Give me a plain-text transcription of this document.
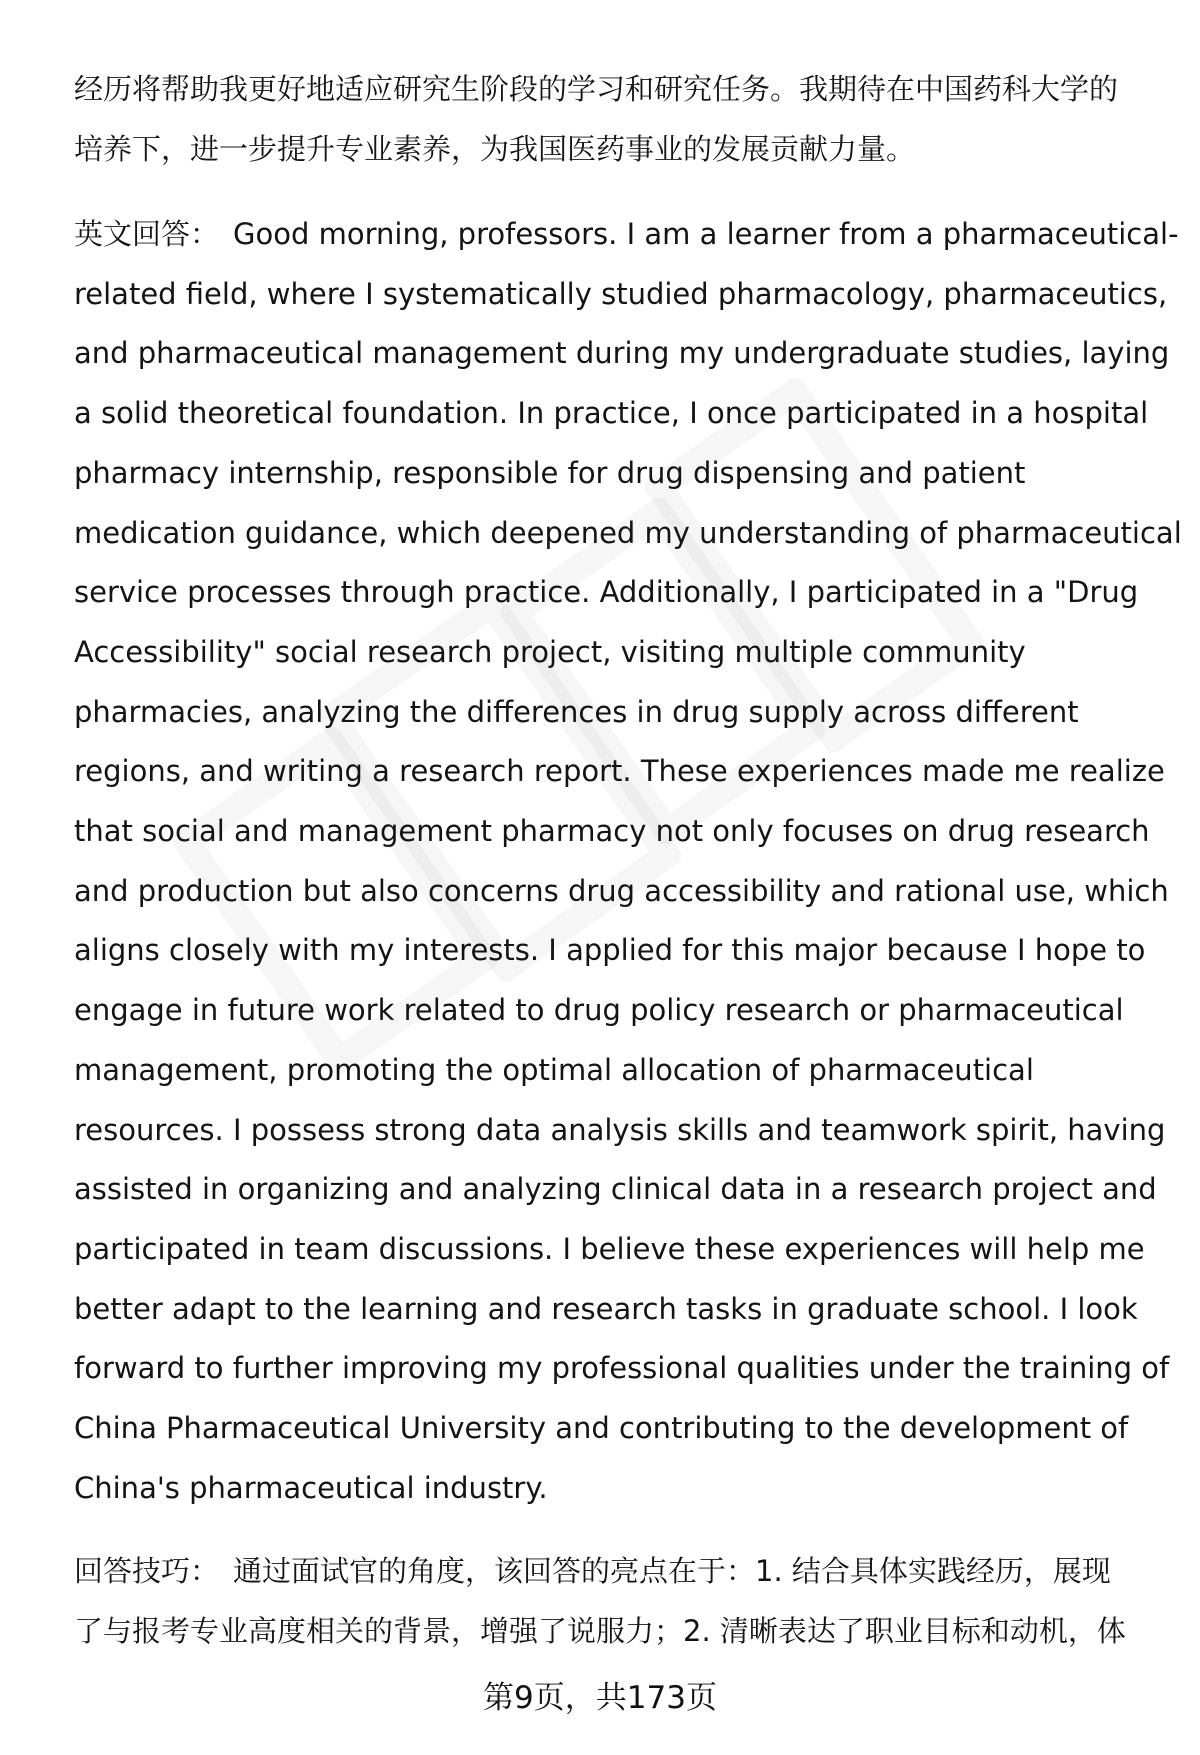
经历将帮助我更好地适应研究生阶段的学习和研究任务。我期待在中国药科大学的
培养下，进一步提升专业素养，为我国医药事业的发展贡献力量。

英文回答： Good morning, professors. I am a learner from a pharmaceutical-
related field, where I systematically studied pharmacology, pharmaceutics,
and pharmaceutical management during my undergraduate studies, laying
a solid theoretical foundation. In practice, I once participated in a hospital
pharmacy internship, responsible for drug dispensing and patient
medication guidance, which deepened my understanding of pharmaceutical
service processes through practice. Additionally, I participated in a "Drug
Accessibility" social research project, visiting multiple community
pharmacies, analyzing the differences in drug supply across different
regions, and writing a research report. These experiences made me realize
that social and management pharmacy not only focuses on drug research
and production but also concerns drug accessibility and rational use, which
aligns closely with my interests. I applied for this major because I hope to
engage in future work related to drug policy research or pharmaceutical
management, promoting the optimal allocation of pharmaceutical
resources. I possess strong data analysis skills and teamwork spirit, having
assisted in organizing and analyzing clinical data in a research project and
participated in team discussions. I believe these experiences will help me
better adapt to the learning and research tasks in graduate school. I look
forward to further improving my professional qualities under the training of
China Pharmaceutical University and contributing to the development of
China's pharmaceutical industry.

回答技巧： 通过面试官的角度，该回答的亮点在于：1. 结合具体实践经历，展现
了与报考专业高度相关的背景，增强了说服力；2. 清晰表达了职业目标和动机，体

第9页，共173页
